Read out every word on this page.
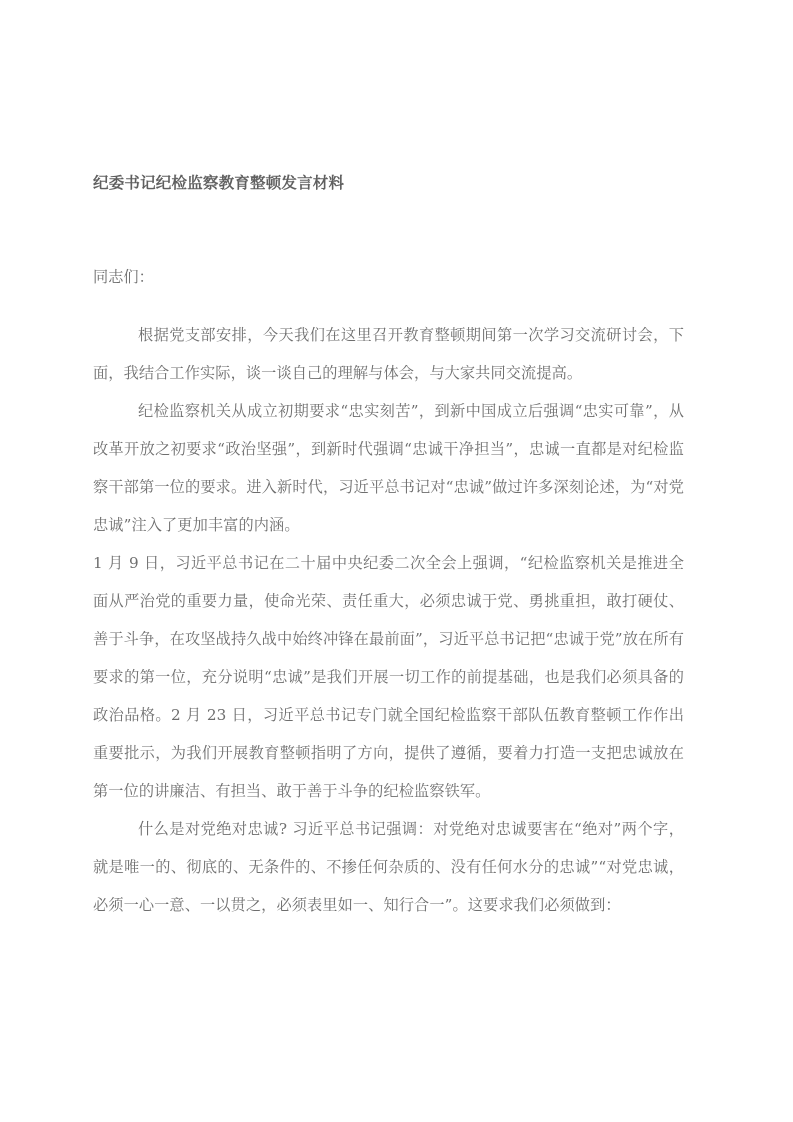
纪委书记纪检监察教育整顿发言材料

同志们：

根据党支部安排，今天我们在这里召开教育整顿期间第一次学习交流研讨会，下面，我结合工作实际，谈一谈自己的理解与体会，与大家共同交流提高。

纪检监察机关从成立初期要求“忠实刻苦”，到新中国成立后强调“忠实可靠”，从改革开放之初要求“政治坚强”，到新时代强调“忠诚干净担当”，忠诚一直都是对纪检监察干部第一位的要求。进入新时代，习近平总书记对“忠诚”做过许多深刻论述，为“对党忠诚”注入了更加丰富的内涵。

1 月 9 日，习近平总书记在二十届中央纪委二次全会上强调，“纪检监察机关是推进全面从严治党的重要力量，使命光荣、责任重大，必须忠诚于党、勇挑重担，敢打硬仗、善于斗争，在攻坚战持久战中始终冲锋在最前面”，习近平总书记把“忠诚于党”放在所有要求的第一位，充分说明“忠诚”是我们开展一切工作的前提基础，也是我们必须具备的政治品格。2 月 23 日，习近平总书记专门就全国纪检监察干部队伍教育整顿工作作出重要批示，为我们开展教育整顿指明了方向，提供了遵循，要着力打造一支把忠诚放在第一位的讲廉洁、有担当、敢于善于斗争的纪检监察铁军。

什么是对党绝对忠诚? 习近平总书记强调：对党绝对忠诚要害在“绝对”两个字，就是唯一的、彻底的、无条件的、不掺任何杂质的、没有任何水分的忠诚”“对党忠诚，必须一心一意、一以贯之，必须表里如一、知行合一”。这要求我们必须做到：
